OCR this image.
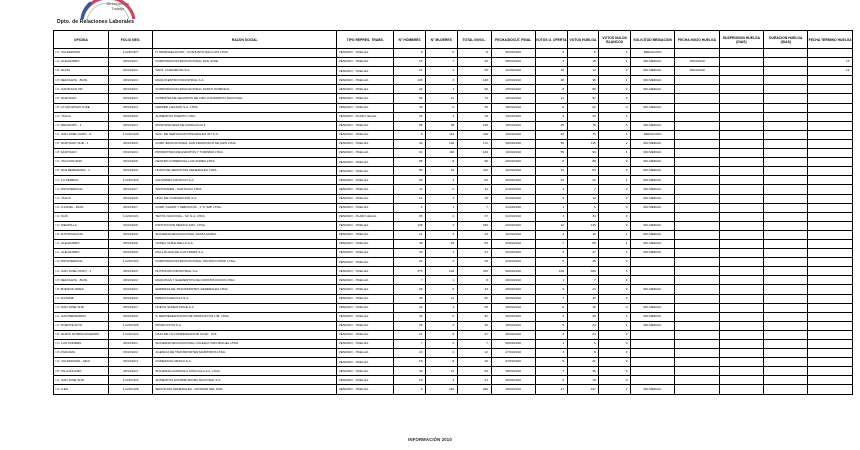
Dirección del
Trabajo
Dpto. de Relaciones Laborales
OFICINA	FOLIO NEG.	RAZON SOCIAL	TIPO REPRES. TRABS.	N° HOMBRES	N° MUJERES	TOTAL INVOL.	FECHA/DOCUT. FINAL	VOTOS U. OFERTA	VOTOS HUELGA	VOTOS NULOS BLANCOS	SOLICITUD MEDIACION	FECHA INICIO HUELGA	SUSPENSION HUELGA (DIAS)	DURACION HUELGA (DIAS)	FECHA TERMINO HUELGA
I.C. VALPARAISO	1-0/2010/7	D. REMODELACION - CONJUNTO SAN LUIS LTDA.	VENCIDO - HUELGA	8	0	8	06/01/2010	0	8	0	MEDIACION				
I.C. ALEJANDRO	08/2010/1	CORPORACION EDUCACIONAL SAN JOSE.	VENCIDO - HUELGA	15	7	22	08/01/2010	3	18	1	SIN MEDIAC.	15/01/2010			10
I.P. SALTA	09/2010/2	SANT. LANZAROTE S.A.	VENCIDO - HUELGA	21	4	25	12/01/2010	10	14	0	SIN MEDIAC.	15/01/2010			12
I.P. RECOLETA - BUIN	08/2010/3	MAQUICENTRO INDUSTRIAL S.A.	VENCIDO - HUELGA	145	3	148	12/01/2010	48	98	1	SIN MEDIAC.				
I.C. SANTIAGO OR	08/2010/2	CORPORACION EDUCACIONAL SANTO DOMINGO.	VENCIDO - HUELGA	92	4	96	15/01/2010	8	88	0	SIN MEDIAC.				
I.P. SANTIAGO	09/2010/3	COMPAÑIA DE SEGUROS DE VIDA CONSORCIO NACIONAL.	VENCIDO - HUELGA	52	21	73	18/01/2010	21	52	0					
I.P. LA CRUZ/SAN JOSE	08/2010/4	FERRER LIZCANO S.A. LTDA.	VENCIDO - HUELGA	30	0	30	18/01/2010	8	22	0	SIN MEDIAC.				
I.C. TALCA	08/2010/5	ALIMENTOS PUERTO LTDA.	VENCIDO - PLAZO LEGAL	25	4	29	19/01/2010	9	20	0					
I.C. RENGO/PL - 1	08/2010/4	MUNICIPALIDAD DE RANCAGUA II.	VENCIDO - HUELGA	88	38	126	19/01/2010	45	78	3	SIN MEDIAC.				
I.C. SAN JOSE OCHO - 6	1-0/2010/8	SOC. DE SERVICIOS INTEGRALES INT S.A.	VENCIDO - HUELGA	5	113	118	19/01/2010	42	75	1	MEDIACION				
I.P. SANTIAGO SUR - 1	08/2010/6	CORP. EDUCACIONAL SAN FRANCISCO DE ASIS LTDA.	VENCIDO - HUELGA	42	130	172	19/01/2010	55	115	2	SIN MEDIAC.				
I.P. SANTIAGO	09/2010/4	PROMOTORA DE EVENTOS Y TURISMO LTDA.	VENCIDO - HUELGA	31	118	149	19/01/2010	55	90	4	SIN MEDIAC.				
I.C. TALCAHUANO	08/2010/5	CENTRO COMERCIAL LOS ANDES LTDA.	VENCIDO - HUELGA	88	8	96	20/01/2010	8	88	0	SIN MEDIAC.				
I.P. SAN BERNARDO - 1	08/2010/6	UNION DE SERVICIOS GENERALES LTDA.	VENCIDO - HUELGA	80	34	114	20/01/2010	31	83	0	SIN MEDIAC.				
I.C. LA SERENA	1-0/2010/9	SALMONES PACIFICO S.A.	VENCIDO - HUELGA	60	2	62	20/01/2010	19	42	1	SIN MEDIAC.				
I.C. PROVIDENCIA	08/2010/7	SANTANDER - SANTIAGO LTDA.	VENCIDO - HUELGA	11	0	11	21/01/2010	4	7	0	SIN MEDIAC.				
I.C. TALCA	08/2010/8	UNIV. DE CONCEPCION S.A.	VENCIDO - HUELGA	12	3	15	21/01/2010	5	10	0	SIN MEDIAC.				
I.C. ILLAPEL - BUIN	08/2010/7	CORP. CLARO Y SERVICIOS - T. S. IMP. LTDA.	VENCIDO - HUELGA	6	1	7	21/01/2010	1	6	0	SIN MEDIAC.				
I.C. SUR	1-0/2010/1	TEXTIL NACIONAL - SC S.A. LTDA.	VENCIDO - PLAZO LEGAL	35	2	37	21/01/2010	3	34	0					
I.C. MELIPILLA	09/2010/5	INSTITUCION MEDICA SOC. LTDA.	VENCIDO - HUELGA	148	2	150	22/01/2010	12	145	0	SIN MEDIAC.				
I.P. ANTOFAGASTA	08/2010/9	SOCIEDAD EDUCACIONAL SANTA MARIA.	VENCIDO - HUELGA	21	3	24	22/01/2010	4	19	1	SIN MEDIAC.				
I.C. ALEJANDRO	08/2010/8	COPEC CHILE RELLA S.A.	VENCIDO - HUELGA	38	25	63	22/01/2010	7	55	1	SIN MEDIAC.				
I.C. ALEJANDRO	08/2010/9	MALL PLAZA DE LOS ANDES S.A.	VENCIDO - HUELGA	30	1	31	22/01/2010	4	27	0	SIN MEDIAC.				
I.C. PROVIDENCIA	1-0/2010/4	CORPORACION EDUCACIONAL TECNICO PROF. LTDA.	VENCIDO - HUELGA	24	2	26	22/01/2010	0	26	0					
I.C. SAN JOSE OCHO - 1	08/2010/5	NUTRICION INDUSTRIAL S.A.	VENCIDO - HUELGA	275	140	415	26/01/2010	106	306	3					
I.P. RECOLETA - BUIN	08/2010/2	MAQUINAS Y ELEMENTOS DE CONSTRUCCION LTDA.	VENCIDO - HUELGA	7	1	8	26/01/2010	1	7	0					
I.P. BUENOS AIRES	09/2010/2	EMPRESA DE TRANSPORTES GENERALES LTDA.	VENCIDO - HUELGA	28	5	33	26/01/2010	9	24	0	SIN MEDIAC.				
I.C. ESTAMB	08/2010/6	FRESH AGRICOLA S.A.	VENCIDO - HUELGA	38	12	50	26/01/2010	7	43	0					
I.C. SAN JOSE SUR	08/2010/7	NUEVO SUPER CHILE S.A.	VENCIDO - HUELGA	22	4	26	26/01/2010	8	18	0	SIN MEDIAC.				
I.C. SAN BERNARDO	08/2010/9	S. REPRESENTACION DE PRODUCTOS LIM. LTDA.	VENCIDO - HUELGA	32	0	32	26/01/2010	4	28	0	SIN MEDIAC.				
I.C. PUENTE ALTO	1-0/2010/6	PRODUCTOS S.A.	VENCIDO - HUELGA	28	2	30	26/01/2010	5	24	1	SIN MEDIAC.				
I.P. SANTO DOMINGO/CERRO	1-0/2010/4	CAJA DE LA COMPENSACION CCAF - CHI.	VENCIDO - HUELGA	21	6	27	26/01/2010	3	24	0					
I.C. LAS CONDES	08/2010/1	SOCIEDAD EDUCACIONAL COLEGIO SAN MIGUEL LTDA.	VENCIDO - HUELGA	7	0	7	26/01/2010	1	6	0					
I.P. ATACAMA	09/2010/2	AGENCIA DE TRANSPORTES MARITIMOS LTDA.	VENCIDO - HUELGA	10	2	12	27/01/2010	3	9	0					
I.C. VALPARAISO - MAC	08/2010/4	COMERCIAL PESCA S.A.	VENCIDO - HUELGA	18	8	26	27/01/2010	5	21	0					
I.P. TALCAHUANO	08/2010/4	SOCIEDAD AGRICOLA CHIGUALA S.A. LTDA.	VENCIDO - HUELGA	32	21	53	28/01/2010	7	46	0					
I.C. SAN JOSE SUR	1-0/2010/2	ALIMENTOS DISTRIBUIDORA NACIONAL S.A.	VENCIDO - HUELGA	19	2	21	28/01/2010	2	19	0					
I.C. ILEN	1-0/2010/8	SERVICIOS GENERALES - DIVISION DEL SUR.	VENCIDO - HUELGA	6	240	246	29/01/2010	47	197	2	SIN MEDIAC.				
INFORMACIÓN 2010
